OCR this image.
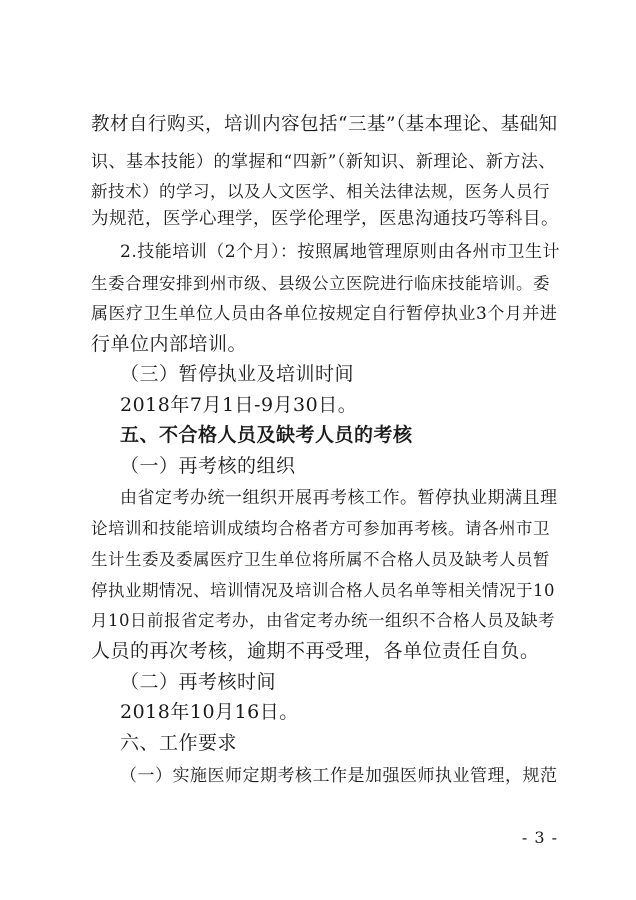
教材自行购买，培训内容包括“三基”（基本理论、基础知
识、基本技能）的掌握和“四新”（新知识、新理论、新方法、
新技术）的学习，以及人文医学、相关法律法规，医务人员行
为规范，医学心理学，医学伦理学，医患沟通技巧等科目。
2.技能培训（2个月）：按照属地管理原则由各州市卫生计
生委合理安排到州市级、县级公立医院进行临床技能培训。委
属医疗卫生单位人员由各单位按规定自行暂停执业3个月并进
行单位内部培训。
（三）暂停执业及培训时间
2018年7月1日-9月30日。
五、不合格人员及缺考人员的考核
（一）再考核的组织
由省定考办统一组织开展再考核工作。暂停执业期满且理
论培训和技能培训成绩均合格者方可参加再考核。请各州市卫
生计生委及委属医疗卫生单位将所属不合格人员及缺考人员暂
停执业期情况、培训情况及培训合格人员名单等相关情况于10
月10日前报省定考办，由省定考办统一组织不合格人员及缺考
人员的再次考核，逾期不再受理，各单位责任自负。
（二）再考核时间
2018年10月16日。
六、工作要求
（一）实施医师定期考核工作是加强医师执业管理，规范
- 3 -
